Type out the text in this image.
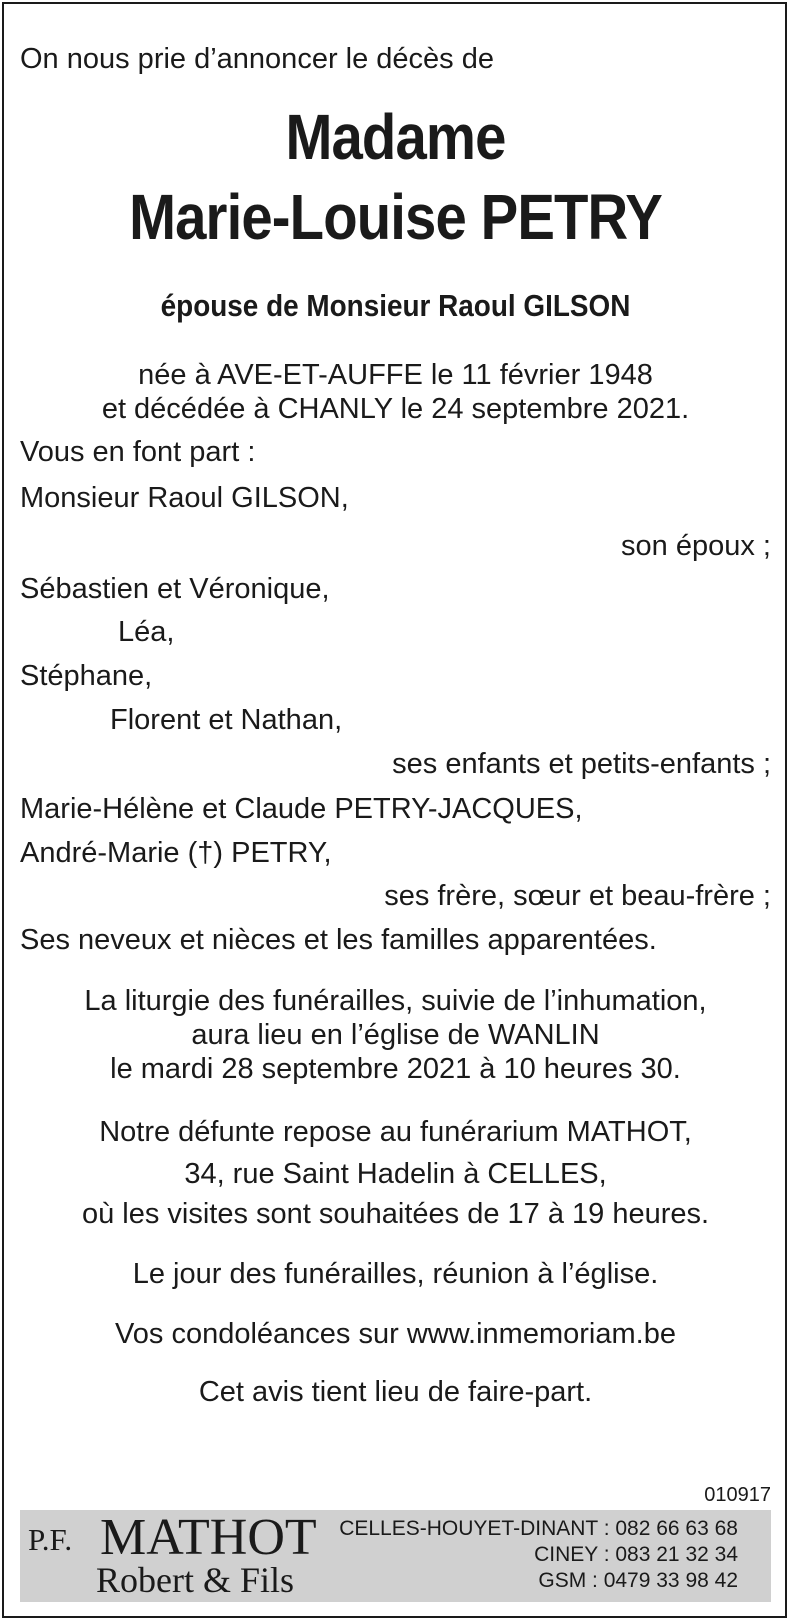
On nous prie d’annoncer le décès de
Madame
Marie-Louise PETRY
épouse de Monsieur Raoul GILSON
née à AVE-ET-AUFFE le 11 février 1948
et décédée à CHANLY le 24 septembre 2021.
Vous en font part :
Monsieur Raoul GILSON,
son époux ;
Sébastien et Véronique,
Léa,
Stéphane,
Florent et Nathan,
ses enfants et petits-enfants ;
Marie-Hélène et Claude PETRY-JACQUES,
André-Marie (†) PETRY,
ses frère, sœur et beau-frère ;
Ses neveux et nièces et les familles apparentées.
La liturgie des funérailles, suivie de l’inhumation,
aura lieu en l’église de WANLIN
le mardi 28 septembre 2021 à 10 heures 30.
Notre défunte repose au funérarium MATHOT,
34, rue Saint Hadelin à CELLES,
où les visites sont souhaitées de 17 à 19 heures.
Le jour des funérailles, réunion à l’église.
Vos condoléances sur www.inmemoriam.be
Cet avis tient lieu de faire-part.
010917
P.F. MATHOT
Robert & Fils
CELLES-HOUYET-DINANT : 082 66 63 68
CINEY : 083 21 32 34
GSM : 0479 33 98 42
